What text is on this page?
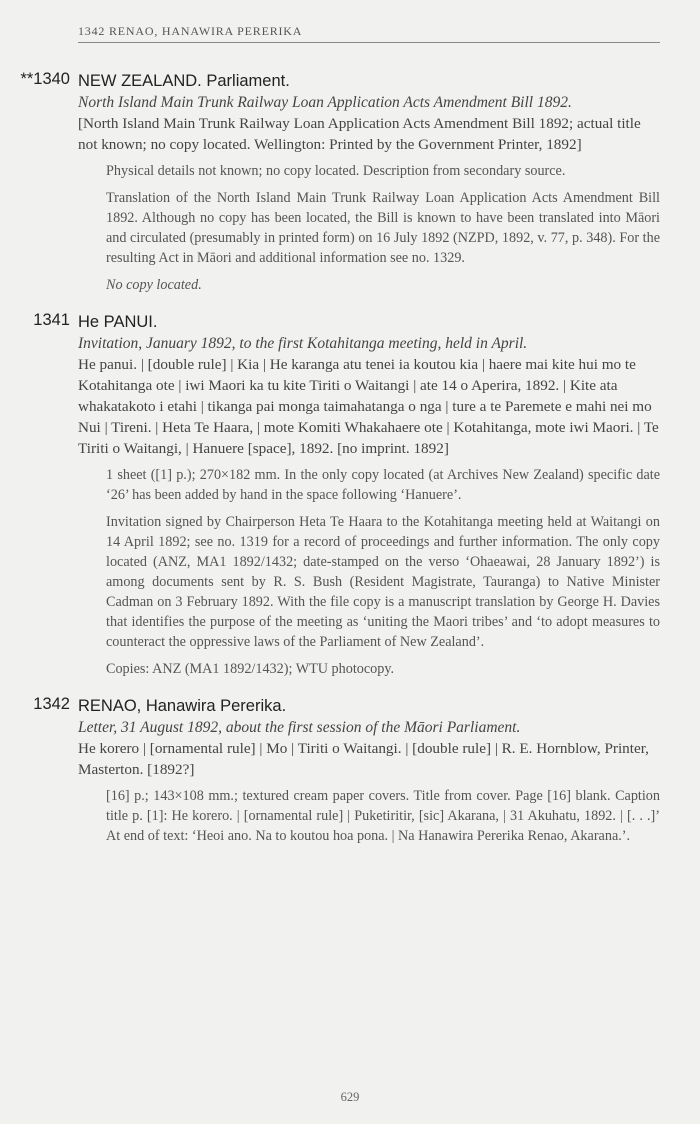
1342 RENAO, HANAWIRA PERERIKA
**1340 NEW ZEALAND. Parliament.
North Island Main Trunk Railway Loan Application Acts Amendment Bill 1892.
[North Island Main Trunk Railway Loan Application Acts Amendment Bill 1892; actual title not known; no copy located. Wellington: Printed by the Government Printer, 1892]

Physical details not known; no copy located. Description from secondary source.

Translation of the North Island Main Trunk Railway Loan Application Acts Amendment Bill 1892. Although no copy has been located, the Bill is known to have been translated into Māori and circulated (presumably in printed form) on 16 July 1892 (NZPD, 1892, v. 77, p. 348). For the resulting Act in Māori and additional information see no. 1329.

No copy located.

1341 He PANUI.
Invitation, January 1892, to the first Kotahitanga meeting, held in April.
He panui. | [double rule] | Kia | He karanga atu tenei ia koutou kia | haere mai kite hui mo te Kotahitanga ote | iwi Maori ka tu kite Tiriti o Waitangi | ate 14 o Aperira, 1892. | Kite ata whakatakoto i etahi | tikanga pai monga taimahatanga o nga | ture a te Paremete e mahi nei mo Nui | Tireni. | Heta Te Haara, | mote Komiti Whakahaere ote | Kotahitanga, mote iwi Maori. | Te Tiriti o Waitangi, | Hanuere [space], 1892. [no imprint. 1892]

1 sheet ([1] p.); 270×182 mm. In the only copy located (at Archives New Zealand) specific date ‘26’ has been added by hand in the space following ‘Hanuere’.

Invitation signed by Chairperson Heta Te Haara to the Kotahitanga meeting held at Waitangi on 14 April 1892; see no. 1319 for a record of proceedings and further information. The only copy located (ANZ, MA1 1892/1432; date-stamped on the verso ‘Ohaeawai, 28 January 1892’) is among documents sent by R. S. Bush (Resident Magistrate, Tauranga) to Native Minister Cadman on 3 February 1892. With the file copy is a manuscript translation by George H. Davies that identifies the purpose of the meeting as ‘uniting the Maori tribes’ and ‘to adopt measures to counteract the oppressive laws of the Parliament of New Zealand’.

Copies: ANZ (MA1 1892/1432); WTU photocopy.

1342 RENAO, Hanawira Pererika.
Letter, 31 August 1892, about the first session of the Māori Parliament.
He korero | [ornamental rule] | Mo | Tiriti o Waitangi. | [double rule] | R. E. Hornblow, Printer, Masterton. [1892?]

[16] p.; 143×108 mm.; textured cream paper covers. Title from cover. Page [16] blank. Caption title p. [1]: He korero. | [ornamental rule] | Puketiritir, [sic] Akarana, | 31 Akuhatu, 1892. | [. . .]’ At end of text: ‘Heoi ano. Na to koutou hoa pona. | Na Hanawira Pererika Renao, Akarana.’.

629
